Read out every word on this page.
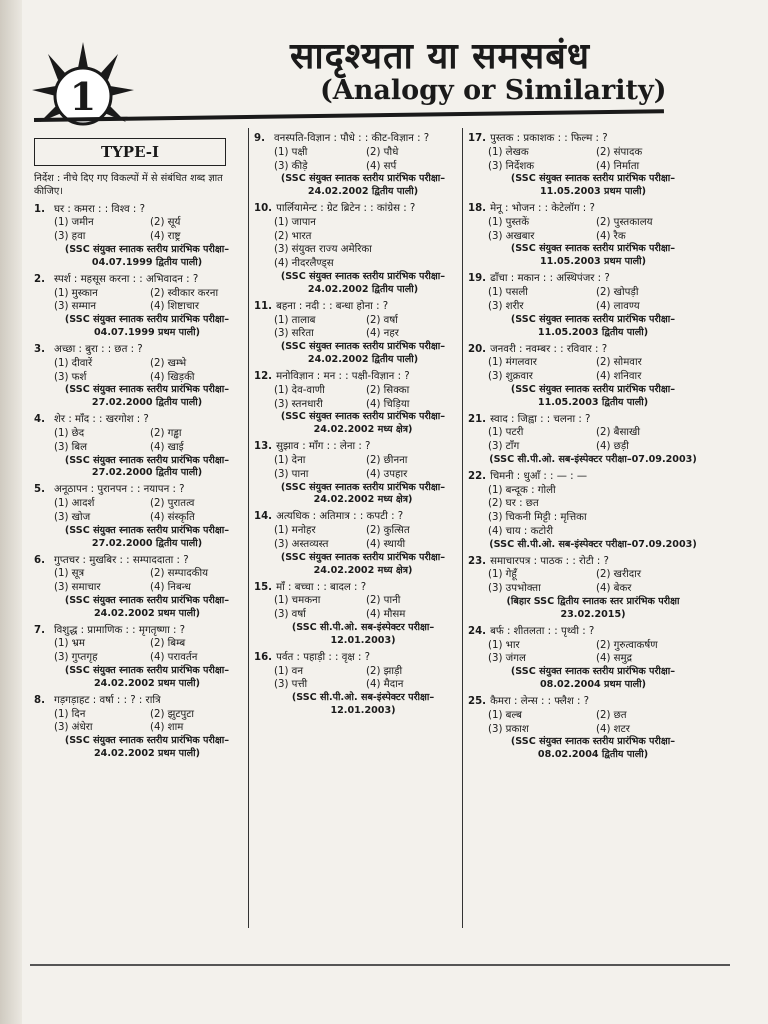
1
सादृश्यता या समसबंध
(Analogy or Similarity)
TYPE-I
निर्देश : नीचे दिए गए विकल्पों में से संबंधित शब्द ज्ञात कीजिए।
1. घर : कमरा : : विश्व : ?
(1) जमीन	(2) सूर्य
(3) हवा	(4) राष्ट्र
(SSC संयुक्त स्नातक स्तरीय प्रारंभिक परीक्षा–04.07.1999 द्वितीय पाली)
2. स्पर्श : महसूस करना : : अभिवादन : ?
(1) मुस्कान	(2) स्वीकार करना
(3) सम्मान	(4) शिष्टाचार
(SSC संयुक्त स्नातक स्तरीय प्रारंभिक परीक्षा–04.07.1999 प्रथम पाली)
3. अच्छा : बुरा : : छत : ?
(1) दीवारें	(2) खम्भे
(3) फर्श	(4) खिड़की
(SSC संयुक्त स्नातक स्तरीय प्रारंभिक परीक्षा–27.02.2000 द्वितीय पाली)
4. शेर : माँद : : खरगोश : ?
(1) छेद	(2) गड्ढा
(3) बिल	(4) खाई
(SSC संयुक्त स्नातक स्तरीय प्रारंभिक परीक्षा–27.02.2000 द्वितीय पाली)
5. अनूठापन : पुरानपन : : नयापन : ?
(1) आदर्श	(2) पुरातत्व
(3) खोज	(4) संस्कृति
(SSC संयुक्त स्नातक स्तरीय प्रारंभिक परीक्षा–27.02.2000 द्वितीय पाली)
6. गुप्तचर : मुखबिर : : सम्पाददाता : ?
(1) सूत्र	(2) सम्पादकीय
(3) समाचार	(4) निबन्ध
(SSC संयुक्त स्नातक स्तरीय प्रारंभिक परीक्षा–24.02.2002 प्रथम पाली)
7. विशुद्ध : प्रामाणिक : : मृगतृष्णा : ?
(1) भ्रम	(2) बिम्ब
(3) गुप्तगृह	(4) परावर्तन
(SSC संयुक्त स्नातक स्तरीय प्रारंभिक परीक्षा–24.02.2002 प्रथम पाली)
8. गड़गड़ाहट : वर्षा : : ? : रात्रि
(1) दिन	(2) झुटपुटा
(3) अंधेरा	(4) शाम
(SSC संयुक्त स्नातक स्तरीय प्रारंभिक परीक्षा–24.02.2002 प्रथम पाली)
9. वनस्पति-विज्ञान : पौधे : : कीट-विज्ञान : ?
(1) पक्षी	(2) पौधे
(3) कीड़े	(4) सर्प
(SSC संयुक्त स्नातक स्तरीय प्रारंभिक परीक्षा–24.02.2002 द्वितीय पाली)
10. पार्लियामेन्ट : ग्रेट ब्रिटेन : : कांग्रेस : ?
(1) जापान
(2) भारत
(3) संयुक्त राज्य अमेरिका
(4) नीदरलैण्ड्स
(SSC संयुक्त स्नातक स्तरीय प्रारंभिक परीक्षा–24.02.2002 द्वितीय पाली)
11. बहना : नदी : : बन्धा होना : ?
(1) तालाब	(2) वर्षा
(3) सरिता	(4) नहर
(SSC संयुक्त स्नातक स्तरीय प्रारंभिक परीक्षा–24.02.2002 द्वितीय पाली)
12. मनोविज्ञान : मन : : पक्षी-विज्ञान : ?
(1) देव-वाणी	(2) सिक्का
(3) स्तनधारी	(4) चिड़िया
(SSC संयुक्त स्नातक स्तरीय प्रारंभिक परीक्षा–24.02.2002 मध्य क्षेत्र)
13. सुझाव : माँग : : लेना : ?
(1) देना	(2) छीनना
(3) पाना	(4) उपहार
(SSC संयुक्त स्नातक स्तरीय प्रारंभिक परीक्षा–24.02.2002 मध्य क्षेत्र)
14. अत्यधिक : अतिमात्र : : कपटी : ?
(1) मनोहर	(2) कुत्सित
(3) अस्तव्यस्त	(4) स्थायी
(SSC संयुक्त स्नातक स्तरीय प्रारंभिक परीक्षा–24.02.2002 मध्य क्षेत्र)
15. माँ : बच्चा : : बादल : ?
(1) चमकना	(2) पानी
(3) वर्षा	(4) मौसम
(SSC सी.पी.ओ. सब-इंस्पेक्टर परीक्षा–12.01.2003)
16. पर्वत : पहाड़ी : : वृक्ष : ?
(1) वन	(2) झाड़ी
(3) पत्ती	(4) मैदान
(SSC सी.पी.ओ. सब-इंस्पेक्टर परीक्षा–12.01.2003)
17. पुस्तक : प्रकाशक : : फिल्म : ?
(1) लेखक	(2) संपादक
(3) निर्देशक	(4) निर्माता
(SSC संयुक्त स्नातक स्तरीय प्रारंभिक परीक्षा–11.05.2003 प्रथम पाली)
18. मेनू : भोजन : : केटेलॉग : ?
(1) पुस्तकें	(2) पुस्तकालय
(3) अखबार	(4) रैक
(SSC संयुक्त स्नातक स्तरीय प्रारंभिक परीक्षा–11.05.2003 प्रथम पाली)
19. ढाँचा : मकान : : अस्थिपंजर : ?
(1) पसली	(2) खोपड़ी
(3) शरीर	(4) लावण्य
(SSC संयुक्त स्नातक स्तरीय प्रारंभिक परीक्षा–11.05.2003 द्वितीय पाली)
20. जनवरी : नवम्बर : : रविवार : ?
(1) मंगलवार	(2) सोमवार
(3) शुक्रवार	(4) शनिवार
(SSC संयुक्त स्नातक स्तरीय प्रारंभिक परीक्षा–11.05.2003 द्वितीय पाली)
21. स्वाद : जिह्वा : : चलना : ?
(1) पटरी	(2) बैसाखी
(3) टाँग	(4) छड़ी
(SSC सी.पी.ओ. सब-इंस्पेक्टर परीक्षा–07.09.2003)
22. चिमनी : धुआँ : : — : —
(1) बन्दूक : गोली
(2) घर : छत
(3) चिकनी मिट्टी : मृत्तिका
(4) चाय : कटोरी
(SSC सी.पी.ओ. सब-इंस्पेक्टर परीक्षा–07.09.2003)
23. समाचारपत्र : पाठक : : रोटी : ?
(1) गेहूँ	(2) खरीदार
(3) उपभोक्ता	(4) बेकर
(बिहार SSC द्वितीय स्नातक स्तर प्रारंभिक परीक्षा 23.02.2015)
24. बर्फ : शीतलता : : पृथ्वी : ?
(1) भार	(2) गुरुत्वाकर्षण
(3) जंगल	(4) समुद्र
(SSC संयुक्त स्नातक स्तरीय प्रारंभिक परीक्षा–08.02.2004 प्रथम पाली)
25. कैमरा : लेन्स : : फ्लैश : ?
(1) बल्ब	(2) छत
(3) प्रकाश	(4) शटर
(SSC संयुक्त स्नातक स्तरीय प्रारंभिक परीक्षा–08.02.2004 द्वितीय पाली)
